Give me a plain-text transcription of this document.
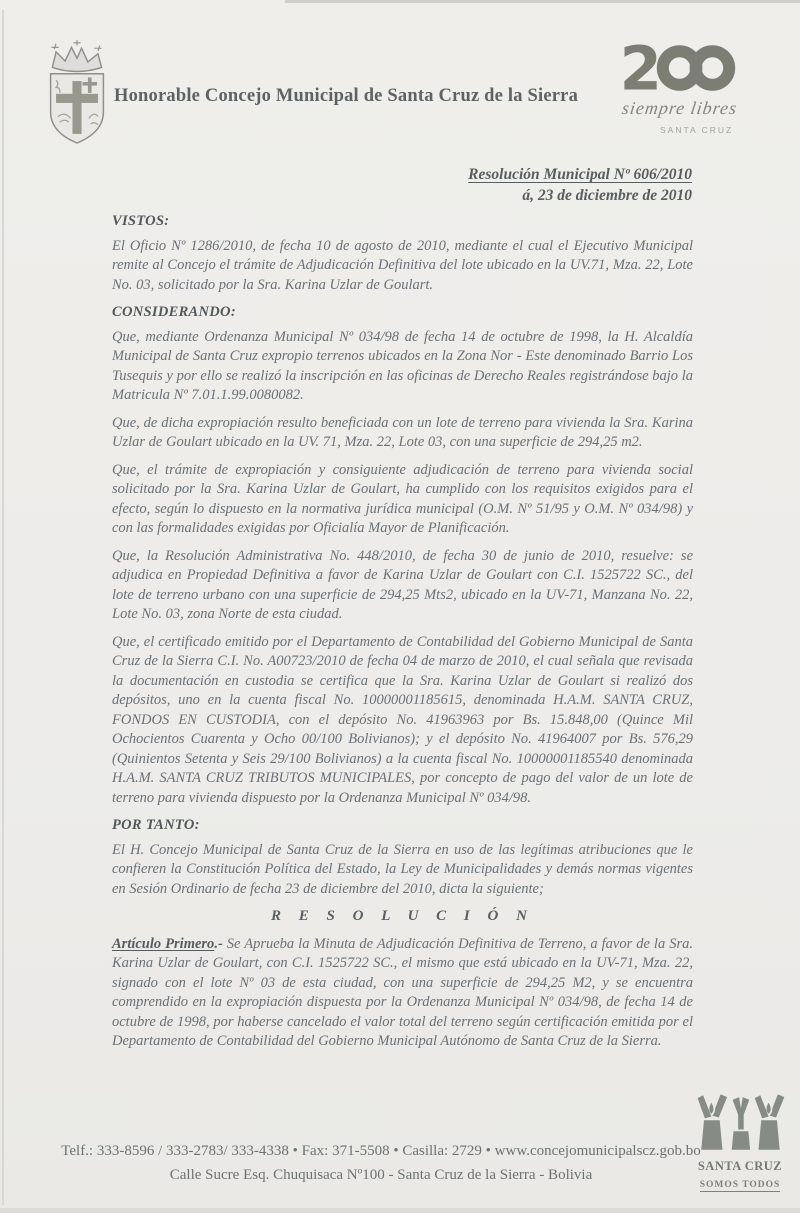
Honorable Concejo Municipal de Santa Cruz de la Sierra 2
siempre libres
SANTA CRUZ
Resolución Municipal Nº 606/2010
á, 23 de diciembre de 2010
VISTOS:

El Oficio Nº 1286/2010, de fecha 10 de agosto de 2010, mediante el cual el Ejecutivo Municipal remite al Concejo el trámite de Adjudicación Definitiva del lote ubicado en la UV.71, Mza. 22, Lote No. 03, solicitado por la Sra. Karina Uzlar de Goulart.

CONSIDERANDO:

Que, mediante Ordenanza Municipal Nº 034/98 de fecha 14 de octubre de 1998, la H. Alcaldía Municipal de Santa Cruz expropio terrenos ubicados en la Zona Nor - Este denominado Barrio Los Tusequis y por ello se realizó la inscripción en las oficinas de Derecho Reales registrándose bajo la Matricula Nº 7.01.1.99.0080082.

Que, de dicha expropiación resulto beneficiada con un lote de terreno para vivienda la Sra. Karina Uzlar de Goulart ubicado en la UV. 71, Mza. 22, Lote 03, con una superficie de 294,25 m2.

Que, el trámite de expropiación y consiguiente adjudicación de terreno para vivienda social solicitado por la Sra. Karina Uzlar de Goulart, ha cumplido con los requisitos exigidos para el efecto, según lo dispuesto en la normativa jurídica municipal (O.M. Nº 51/95 y O.M. Nº 034/98) y con las formalidades exigidas por Oficialía Mayor de Planificación.

Que, la Resolución Administrativa No. 448/2010, de fecha 30 de junio de 2010, resuelve: se adjudica en Propiedad Definitiva a favor de Karina Uzlar de Goulart con C.I. 1525722 SC., del lote de terreno urbano con una superficie de 294,25 Mts2, ubicado en la UV-71, Manzana No. 22, Lote No. 03, zona Norte de esta ciudad.

Que, el certificado emitido por el Departamento de Contabilidad del Gobierno Municipal de Santa Cruz de la Sierra C.I. No. A00723/2010 de fecha 04 de marzo de 2010, el cual señala que revisada la documentación en custodia se certifica que la Sra. Karina Uzlar de Goulart si realizó dos depósitos, uno en la cuenta fiscal No. 10000001185615, denominada H.A.M. SANTA CRUZ, FONDOS EN CUSTODIA, con el depósito No. 41963963 por Bs. 15.848,00 (Quince Mil Ochocientos Cuarenta y Ocho 00/100 Bolivianos); y el depósito No. 41964007 por Bs. 576,29 (Quinientos Setenta y Seis 29/100 Bolivianos) a la cuenta fiscal No. 10000001185540 denominada H.A.M. SANTA CRUZ TRIBUTOS MUNICIPALES, por concepto de pago del valor de un lote de terreno para vivienda dispuesto por la Ordenanza Municipal Nº 034/98.

POR TANTO:

El H. Concejo Municipal de Santa Cruz de la Sierra en uso de las legítimas atribuciones que le confieren la Constitución Política del Estado, la Ley de Municipalidades y demás normas vigentes en Sesión Ordinario de fecha 23 de diciembre del 2010, dicta la siguiente;

R E S O L U C I Ó N

Artículo Primero.- Se Aprueba la Minuta de Adjudicación Definitiva de Terreno, a favor de la Sra. Karina Uzlar de Goulart, con C.I. 1525722 SC., el mismo que está ubicado en la UV-71, Mza. 22, signado con el lote Nº 03 de esta ciudad, con una superficie de 294,25 M2, y se encuentra comprendido en la expropiación dispuesta por la Ordenanza Municipal Nº 034/98, de fecha 14 de octubre de 1998, por haberse cancelado el valor total del terreno según certificación emitida por el Departamento de Contabilidad del Gobierno Municipal Autónomo de Santa Cruz de la Sierra.

Telf.: 333-8596 / 333-2783/ 333-4338 • Fax: 371-5508 • Casilla: 2729 • www.concejomunicipalscz.gob.bo
Calle Sucre Esq. Chuquisaca Nº100 - Santa Cruz de la Sierra - Bolivia
SANTA CRUZ
SOMOS TODOS
